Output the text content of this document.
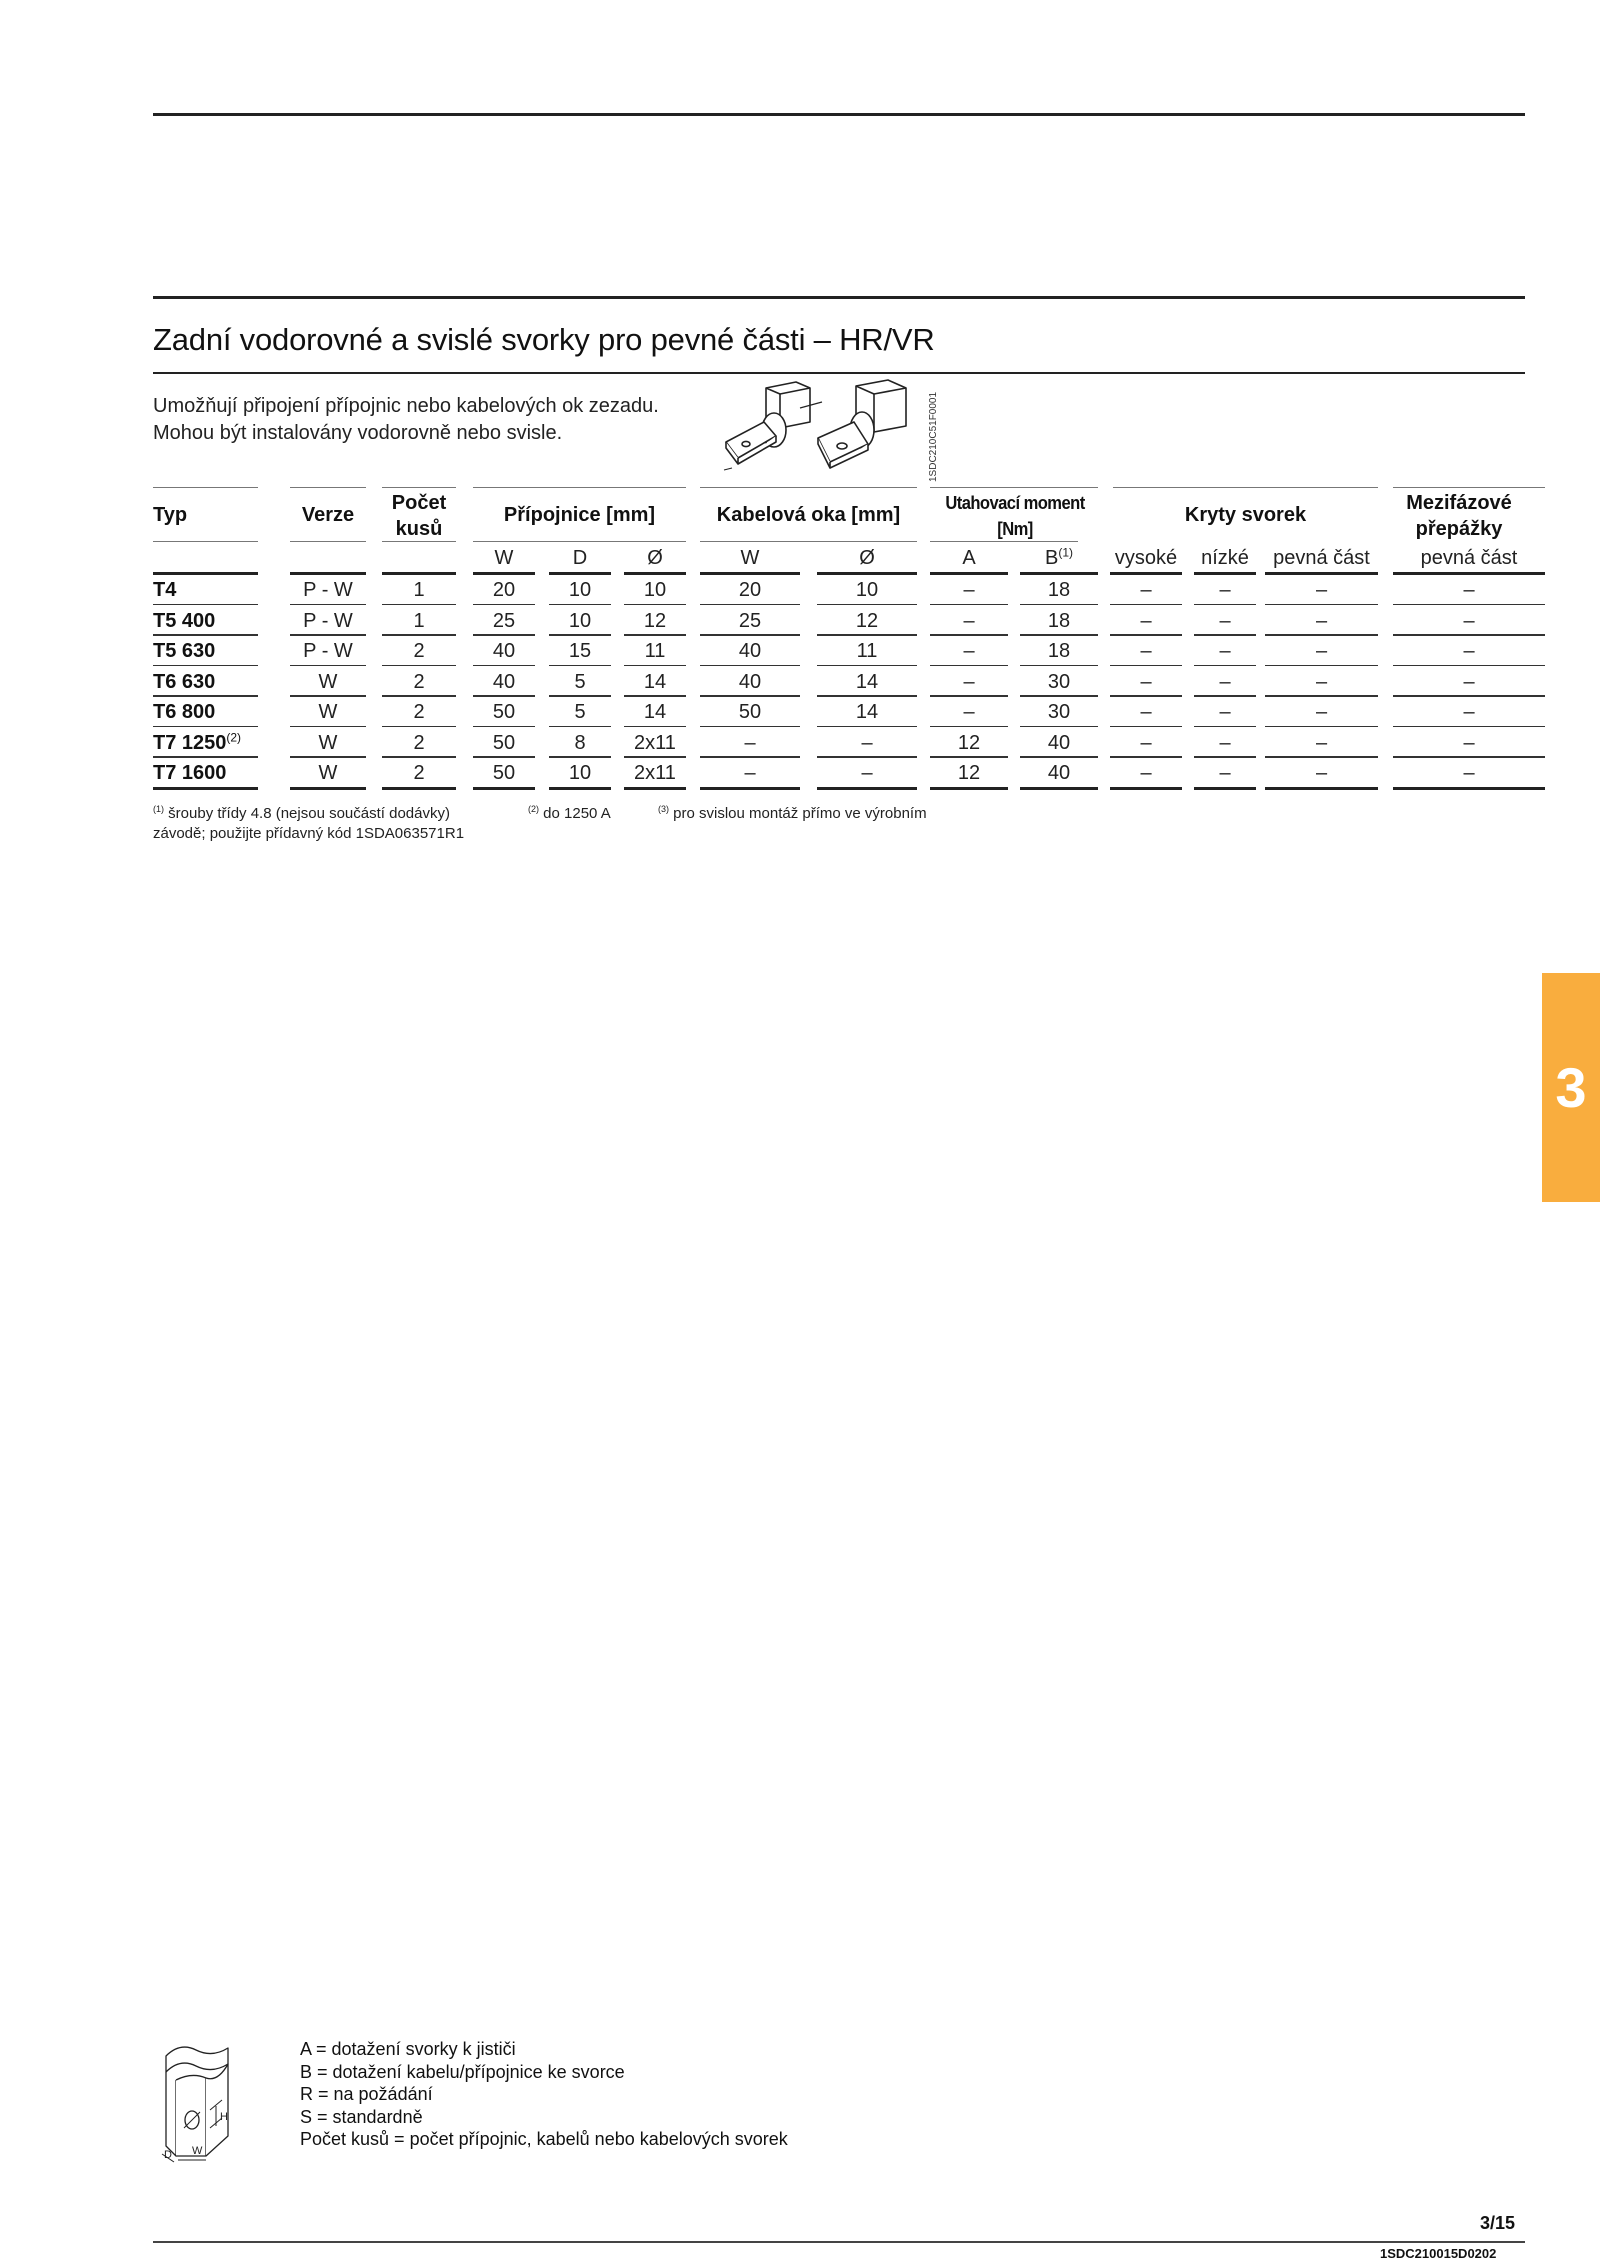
Zadní vodorovné a svislé svorky pro pevné části – HR/VR
Umožňují připojení přípojnic nebo kabelových ok zezadu. Mohou být instalovány vodorovně nebo svisle.	1SDC210C51F0001
Typ	Verze
Počet kusů
Přípojnice [mm]	Kabelová oka [mm]
Utahovací moment [Nm]
Kryty svorek
Mezifázové přepážky
W	D	Ø	W	Ø	A	$B^{(1)}$	vysoké	nízké	pevná část	pevná část
T4	P - W	1	20	10	10	20	10	–	18	–	–	–	–
T5 400	P - W	1	25	10	12	25	12	–	18	–	–	–	–
T5 630	P - W	2	40	15	11	40	11	–	18	–	–	–	–
T6 630	W	2	40	5	14	40	14	–	30	–	–	–	–
T6 800	W	2	50	5	14	50	14	–	30	–	–	–	–
T7 1250$^{(2)}$	W	2	50	8	2x11	–	–	12	40	–	–	–	–
T7 1600	W	2	50	10	2x11	–	–	12	40	–	–	–	–
$^{(1)}$ šrouby třídy 4.8 (nejsou součástí dodávky)	$^{(2)}$ do 1250 A	$^{(3)}$ pro svislou montáž přímo ve výrobním
závodě; použijte přídavný kód 1SDA063571R1
3
H
W
D
A = dotažení svorky k jističi
B = dotažení kabelu/přípojnice ke svorce
R = na požádání
S = standardně
Počet kusů = počet přípojnic, kabelů nebo kabelových svorek
3/15
1SDC210015D0202
